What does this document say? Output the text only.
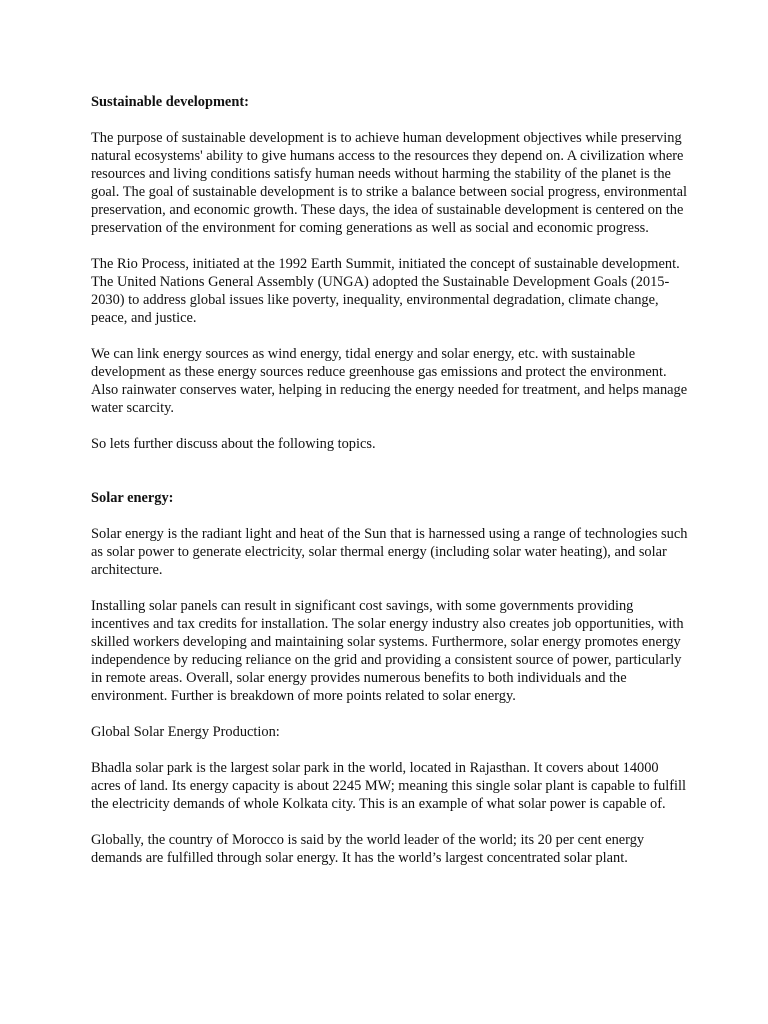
Sustainable development:

The purpose of sustainable development is to achieve human development objectives while preserving natural ecosystems' ability to give humans access to the resources they depend on. A civilization where resources and living conditions satisfy human needs without harming the stability of the planet is the goal. The goal of sustainable development is to strike a balance between social progress, environmental preservation, and economic growth. These days, the idea of sustainable development is centered on the preservation of the environment for coming generations as well as social and economic progress.

The Rio Process, initiated at the 1992 Earth Summit, initiated the concept of sustainable development. The United Nations General Assembly (UNGA) adopted the Sustainable Development Goals (2015-2030) to address global issues like poverty, inequality, environmental degradation, climate change, peace, and justice.

We can link energy sources as wind energy, tidal energy and solar energy, etc. with sustainable development as these energy sources reduce greenhouse gas emissions and protect the environment. Also rainwater conserves water, helping in reducing the energy needed for treatment, and helps manage water scarcity.

So lets further discuss about the following topics.

Solar energy:

Solar energy is the radiant light and heat of the Sun that is harnessed using a range of technologies such as solar power to generate electricity, solar thermal energy (including solar water heating), and solar architecture.

Installing solar panels can result in significant cost savings, with some governments providing incentives and tax credits for installation. The solar energy industry also creates job opportunities, with skilled workers developing and maintaining solar systems. Furthermore, solar energy promotes energy independence by reducing reliance on the grid and providing a consistent source of power, particularly in remote areas. Overall, solar energy provides numerous benefits to both individuals and the environment. Further is breakdown of more points related to solar energy.

Global Solar Energy Production:

Bhadla solar park is the largest solar park in the world, located in Rajasthan. It covers about 14000 acres of land. Its energy capacity is about 2245 MW; meaning this single solar plant is capable to fulfill the electricity demands of whole Kolkata city. This is an example of what solar power is capable of.

Globally, the country of Morocco is said by the world leader of the world; its 20 per cent energy demands are fulfilled through solar energy. It has the world’s largest concentrated solar plant.
